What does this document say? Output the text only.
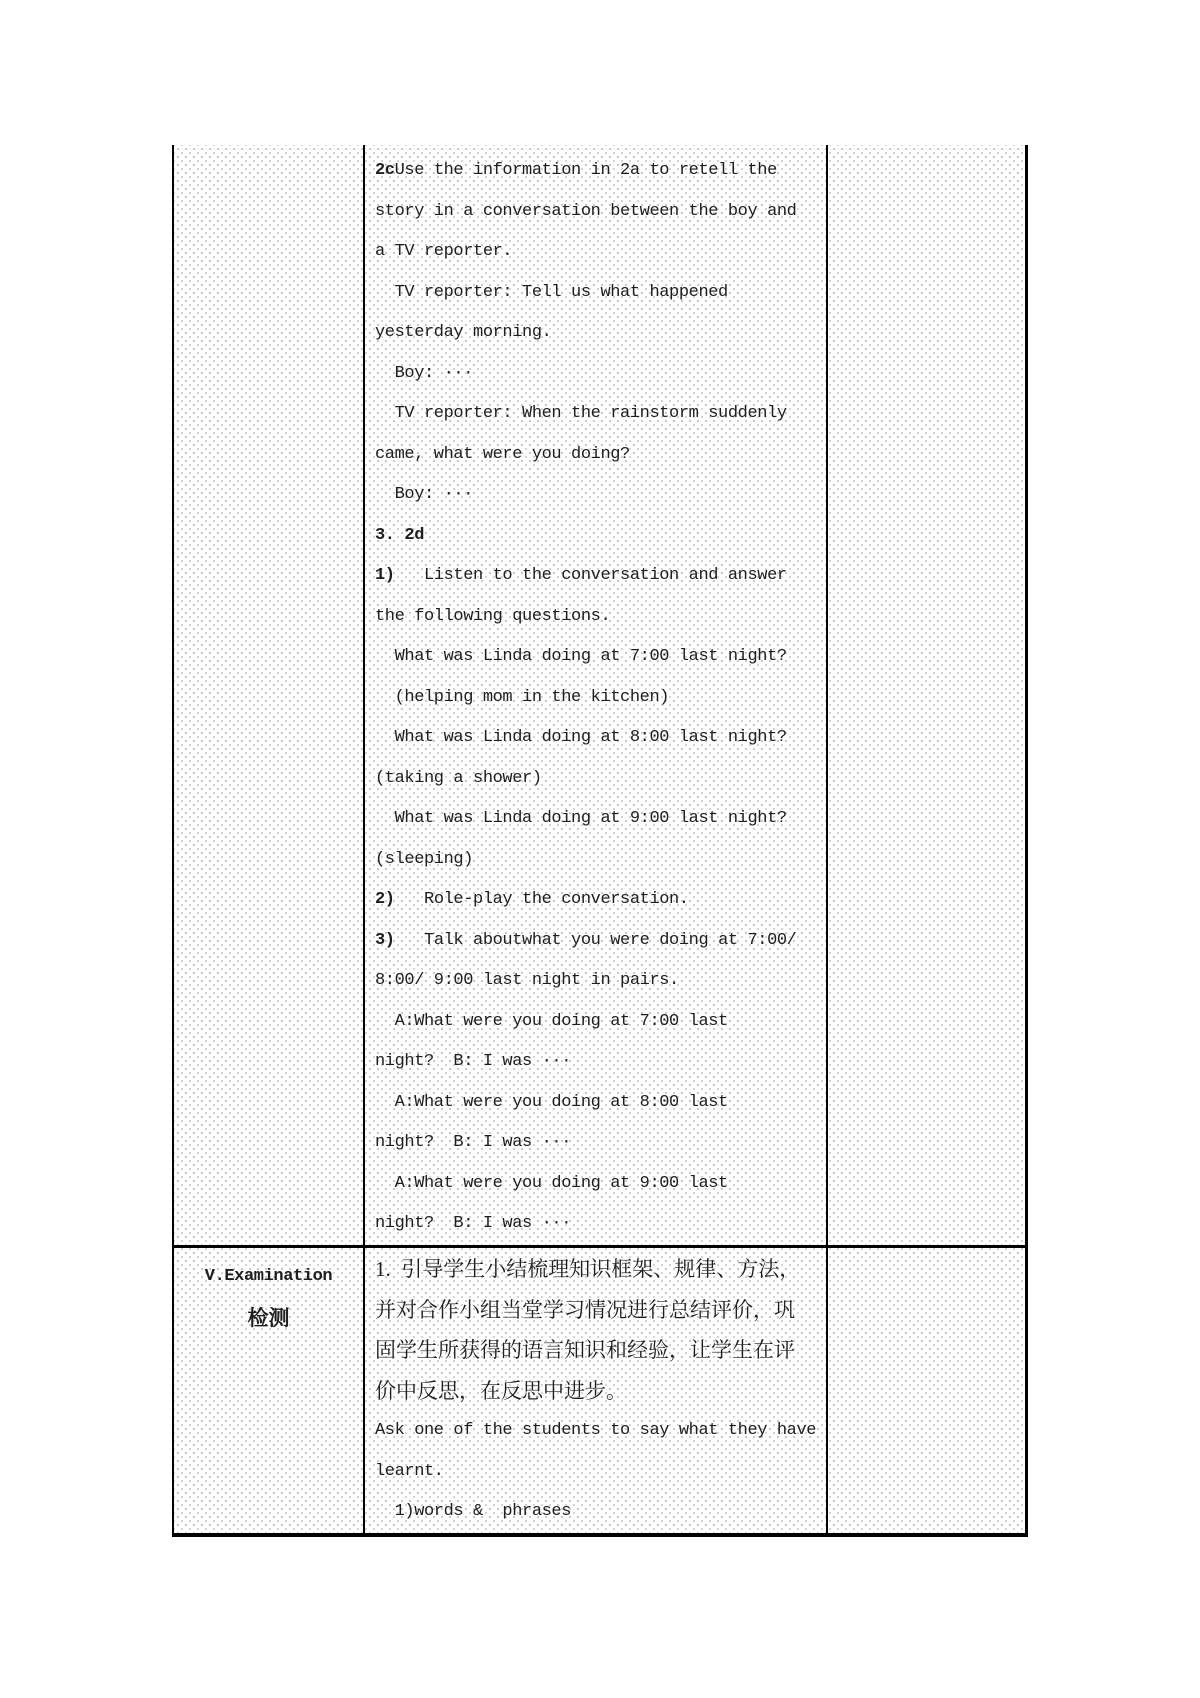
2cUse the information in 2a to retell the
story in a conversation between the boy and
a TV reporter.
TV reporter: Tell us what happened
yesterday morning.
Boy: ···
TV reporter: When the rainstorm suddenly
came, what were you doing?
Boy: ···
3. 2d
1)   Listen to the conversation and answer
the following questions.
What was Linda doing at 7:00 last night?
(helping mom in the kitchen)
What was Linda doing at 8:00 last night?
(taking a shower)
What was Linda doing at 9:00 last night?
(sleeping)
2)   Role-play the conversation.
3)   Talk aboutwhat you were doing at 7:00/
8:00/ 9:00 last night in pairs.
A:What were you doing at 7:00 last
night?  B: I was ···
A:What were you doing at 8:00 last
night?  B: I was ···
A:What were you doing at 9:00 last
night?  B: I was ···
V.Examination
检测
1.  引导学生小结梳理知识框架、规律、方法，
并对合作小组当堂学习情况进行总结评价，巩
固学生所获得的语言知识和经验，让学生在评
价中反思，在反思中进步。
Ask one of the students to say what they have
learnt.
1)words &  phrases
